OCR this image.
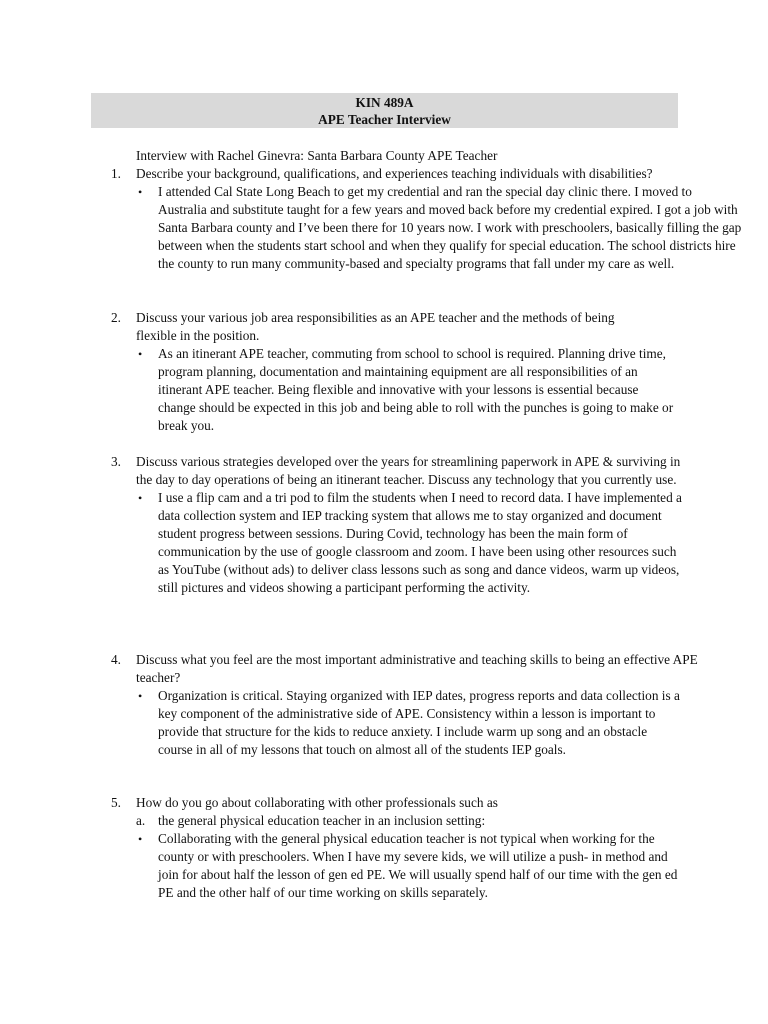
KIN 489A
APE Teacher Interview
Interview with Rachel Ginevra: Santa Barbara County APE Teacher
1. Describe your background, qualifications, and experiences teaching individuals with disabilities?
• I attended Cal State Long Beach to get my credential and ran the special day clinic there. I moved to Australia and substitute taught for a few years and moved back before my credential expired. I got a job with Santa Barbara county and I’ve been there for 10 years now. I work with preschoolers, basically filling the gap between when the students start school and when they qualify for special education. The school districts hire the county to run many community-based and specialty programs that fall under my care as well.
2. Discuss your various job area responsibilities as an APE teacher and the methods of being flexible in the position.
• As an itinerant APE teacher, commuting from school to school is required. Planning drive time, program planning, documentation and maintaining equipment are all responsibilities of an itinerant APE teacher. Being flexible and innovative with your lessons is essential because change should be expected in this job and being able to roll with the punches is going to make or break you.
3. Discuss various strategies developed over the years for streamlining paperwork in APE & surviving in the day to day operations of being an itinerant teacher. Discuss any technology that you currently use.
• I use a flip cam and a tri pod to film the students when I need to record data. I have implemented a data collection system and IEP tracking system that allows me to stay organized and document student progress between sessions. During Covid, technology has been the main form of communication by the use of google classroom and zoom. I have been using other resources such as YouTube (without ads) to deliver class lessons such as song and dance videos, warm up videos, still pictures and videos showing a participant performing the activity.
4. Discuss what you feel are the most important administrative and teaching skills to being an effective APE teacher?
• Organization is critical. Staying organized with IEP dates, progress reports and data collection is a key component of the administrative side of APE. Consistency within a lesson is important to provide that structure for the kids to reduce anxiety. I include warm up song and an obstacle course in all of my lessons that touch on almost all of the students IEP goals.
5. How do you go about collaborating with other professionals such as
a. the general physical education teacher in an inclusion setting:
• Collaborating with the general physical education teacher is not typical when working for the county or with preschoolers. When I have my severe kids, we will utilize a push- in method and join for about half the lesson of gen ed PE. We will usually spend half of our time with the gen ed PE and the other half of our time working on skills separately.
